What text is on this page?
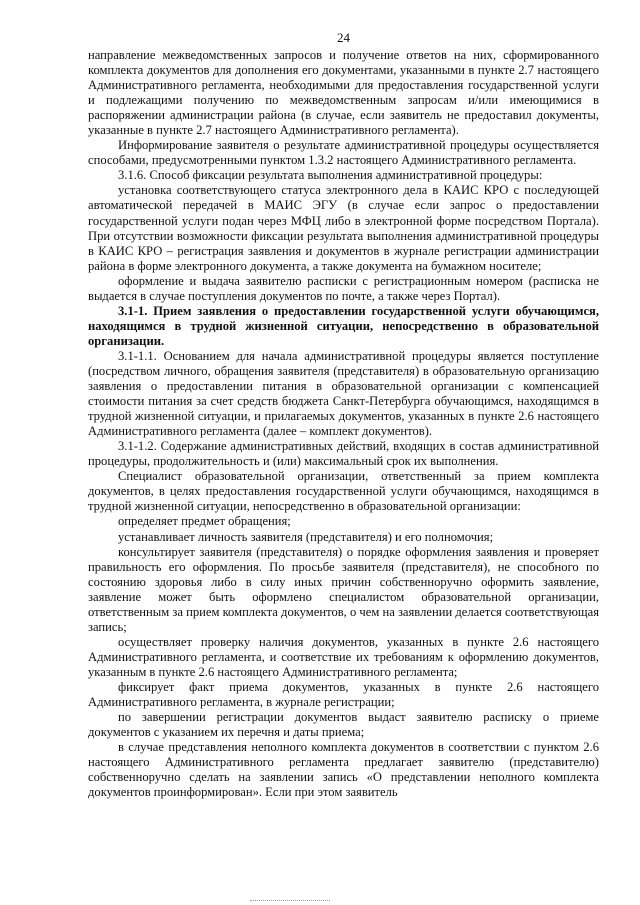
24

направление межведомственных запросов и получение ответов на них, сформированного комплекта документов для дополнения его документами, указанными в пункте 2.7 настоящего Административного регламента, необходимыми для предоставления государственной услуги и подлежащими получению по межведомственным запросам и/или имеющимися в распоряжении администрации района (в случае, если заявитель не предоставил документы, указанные в пункте 2.7 настоящего Административного регламента).

Информирование заявителя о результате административной процедуры осуществляется способами, предусмотренными пунктом 1.3.2 настоящего Административного регламента.

3.1.6. Способ фиксации результата выполнения административной процедуры:

установка соответствующего статуса электронного дела в КАИС КРО с последующей автоматической передачей в МАИС ЭГУ (в случае если запрос о предоставлении государственной услуги подан через МФЦ либо в электронной форме посредством Портала). При отсутствии возможности фиксации результата выполнения административной процедуры в КАИС КРО – регистрация заявления и документов в журнале регистрации администрации района в форме электронного документа, а также документа на бумажном носителе;

оформление и выдача заявителю расписки с регистрационным номером (расписка не выдается в случае поступления документов по почте, а также через Портал).

3.1-1. Прием заявления о предоставлении государственной услуги обучающимся, находящимся в трудной жизненной ситуации, непосредственно в образовательной организации.

3.1-1.1. Основанием для начала административной процедуры является поступление (посредством личного, обращения заявителя (представителя) в образовательную организацию заявления о предоставлении питания в образовательной организации с компенсацией стоимости питания за счет средств бюджета Санкт-Петербурга обучающимся, находящимся в трудной жизненной ситуации, и прилагаемых документов, указанных в пункте 2.6 настоящего Административного регламента (далее – комплект документов).

3.1-1.2. Содержание административных действий, входящих в состав административной процедуры, продолжительность и (или) максимальный срок их выполнения.

Специалист образовательной организации, ответственный за прием комплекта документов, в целях предоставления государственной услуги обучающимся, находящимся в трудной жизненной ситуации, непосредственно в образовательной организации:

определяет предмет обращения;

устанавливает личность заявителя (представителя) и его полномочия;

консультирует заявителя (представителя) о порядке оформления заявления и проверяет правильность его оформления. По просьбе заявителя (представителя), не способного по состоянию здоровья либо в силу иных причин собственноручно оформить заявление, заявление может быть оформлено специалистом образовательной организации, ответственным за прием комплекта документов, о чем на заявлении делается соответствующая запись;

осуществляет проверку наличия документов, указанных в пункте 2.6 настоящего Административного регламента, и соответствие их требованиям к оформлению документов, указанным в пункте 2.6 настоящего Административного регламента;

фиксирует факт приема документов, указанных в пункте 2.6 настоящего Административного регламента, в журнале регистрации;

по завершении регистрации документов выдаст заявителю расписку о приеме документов с указанием их перечня и даты приема;

в случае представления неполного комплекта документов в соответствии с пунктом 2.6 настоящего Административного регламента предлагает заявителю (представителю) собственноручно сделать на заявлении запись «О представлении неполного комплекта документов проинформирован». Если при этом заявитель
